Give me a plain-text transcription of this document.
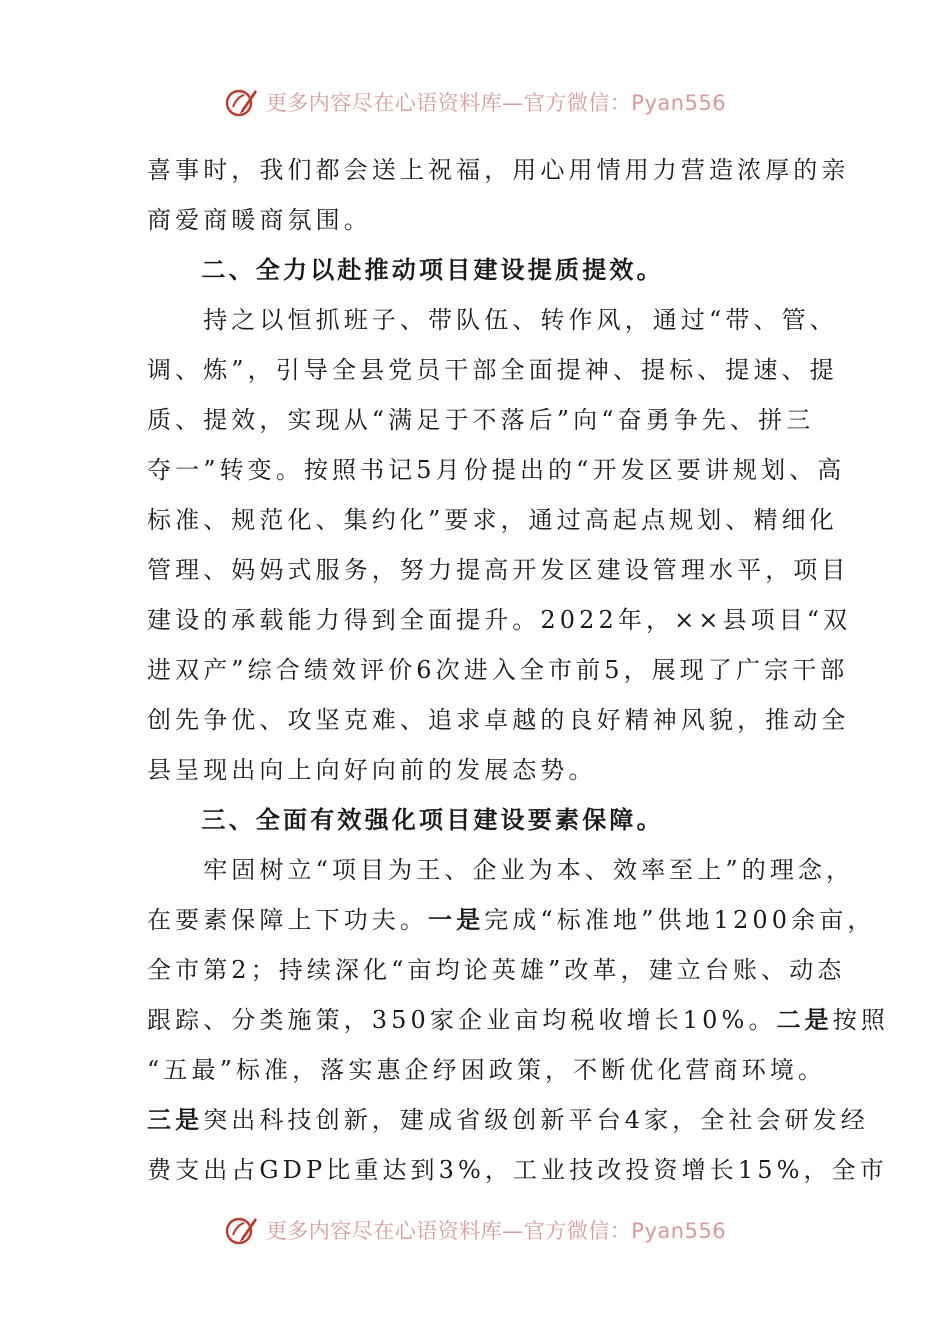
更多内容尽在心语资料库—官方微信：Pyan556
喜事时，我们都会送上祝福，用心用情用力营造浓厚的亲
商爱商暖商氛围。
　　二、全力以赴推动项目建设提质提效。
　　持之以恒抓班子、带队伍、转作风，通过“带、管、
调、炼”，引导全县党员干部全面提神、提标、提速、提
质、提效，实现从“满足于不落后”向“奋勇争先、拼三
夺一”转变。按照书记5月份提出的“开发区要讲规划、高
标准、规范化、集约化”要求，通过高起点规划、精细化
管理、妈妈式服务，努力提高开发区建设管理水平，项目
建设的承载能力得到全面提升。2022年，××县项目“双
进双产”综合绩效评价6次进入全市前5，展现了广宗干部
创先争优、攻坚克难、追求卓越的良好精神风貌，推动全
县呈现出向上向好向前的发展态势。
　　三、全面有效强化项目建设要素保障。
　　牢固树立“项目为王、企业为本、效率至上”的理念，
在要素保障上下功夫。一是完成“标准地”供地1200余亩，
全市第2；持续深化“亩均论英雄”改革，建立台账、动态
跟踪、分类施策，350家企业亩均税收增长10%。二是按照
“五最”标准，落实惠企纾困政策，不断优化营商环境。
三是突出科技创新，建成省级创新平台4家，全社会研发经
费支出占GDP比重达到3%，工业技改投资增长15%，全市
更多内容尽在心语资料库—官方微信：Pyan556
